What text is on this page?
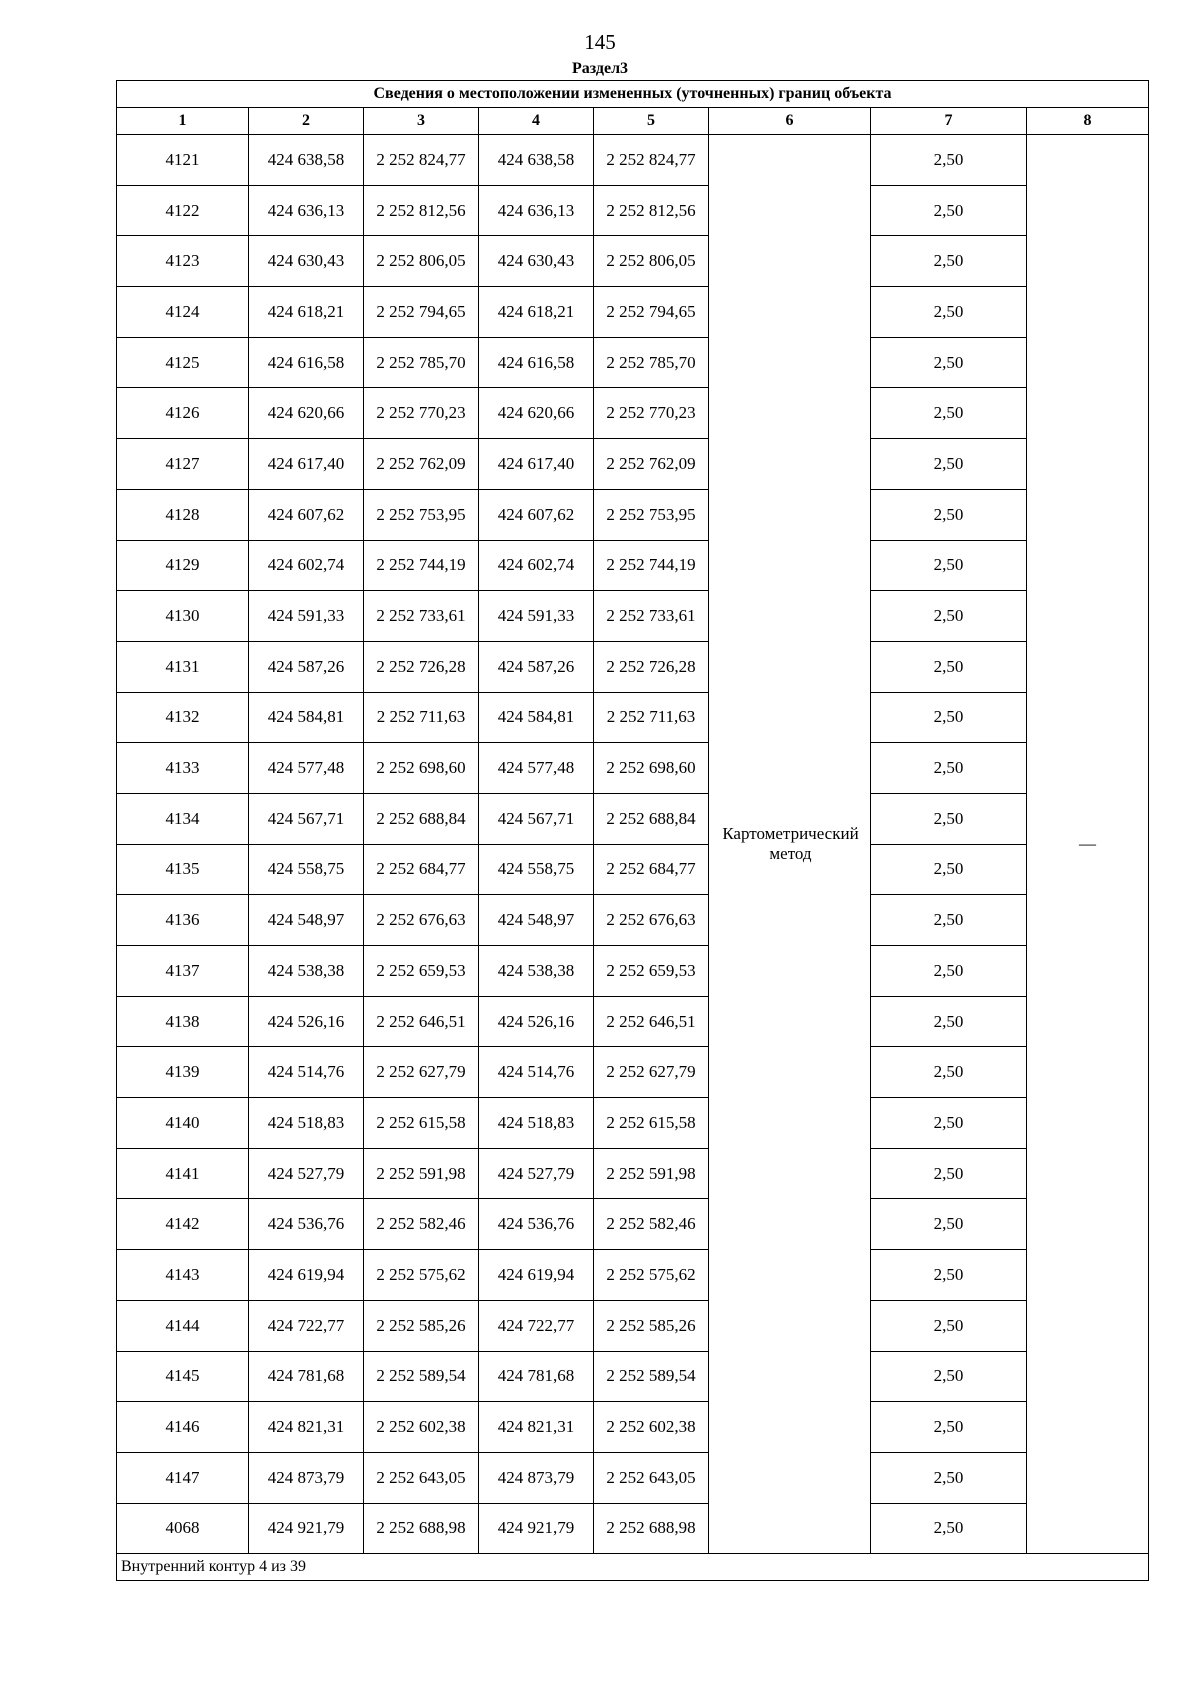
145
Раздел3
Сведения о местоположении измененных (уточненных) границ объекта							
1	2	3	4	5	6	7	8
4121	424 638,58	2 252 824,77	424 638,58	2 252 824,77	Картометрический метод	2,50	—
4122	424 636,13	2 252 812,56	424 636,13	2 252 812,56		2,50	
4123	424 630,43	2 252 806,05	424 630,43	2 252 806,05		2,50	
4124	424 618,21	2 252 794,65	424 618,21	2 252 794,65		2,50	
4125	424 616,58	2 252 785,70	424 616,58	2 252 785,70		2,50	
4126	424 620,66	2 252 770,23	424 620,66	2 252 770,23		2,50	
4127	424 617,40	2 252 762,09	424 617,40	2 252 762,09		2,50	
4128	424 607,62	2 252 753,95	424 607,62	2 252 753,95		2,50	
4129	424 602,74	2 252 744,19	424 602,74	2 252 744,19		2,50	
4130	424 591,33	2 252 733,61	424 591,33	2 252 733,61		2,50	
4131	424 587,26	2 252 726,28	424 587,26	2 252 726,28		2,50	
4132	424 584,81	2 252 711,63	424 584,81	2 252 711,63		2,50	
4133	424 577,48	2 252 698,60	424 577,48	2 252 698,60		2,50	
4134	424 567,71	2 252 688,84	424 567,71	2 252 688,84		2,50	
4135	424 558,75	2 252 684,77	424 558,75	2 252 684,77		2,50	
4136	424 548,97	2 252 676,63	424 548,97	2 252 676,63		2,50	
4137	424 538,38	2 252 659,53	424 538,38	2 252 659,53		2,50	
4138	424 526,16	2 252 646,51	424 526,16	2 252 646,51		2,50	
4139	424 514,76	2 252 627,79	424 514,76	2 252 627,79		2,50	
4140	424 518,83	2 252 615,58	424 518,83	2 252 615,58		2,50	
4141	424 527,79	2 252 591,98	424 527,79	2 252 591,98		2,50	
4142	424 536,76	2 252 582,46	424 536,76	2 252 582,46		2,50	
4143	424 619,94	2 252 575,62	424 619,94	2 252 575,62		2,50	
4144	424 722,77	2 252 585,26	424 722,77	2 252 585,26		2,50	
4145	424 781,68	2 252 589,54	424 781,68	2 252 589,54		2,50	
4146	424 821,31	2 252 602,38	424 821,31	2 252 602,38		2,50	
4147	424 873,79	2 252 643,05	424 873,79	2 252 643,05		2,50	
4068	424 921,79	2 252 688,98	424 921,79	2 252 688,98		2,50	
Внутренний контур 4 из 39							
